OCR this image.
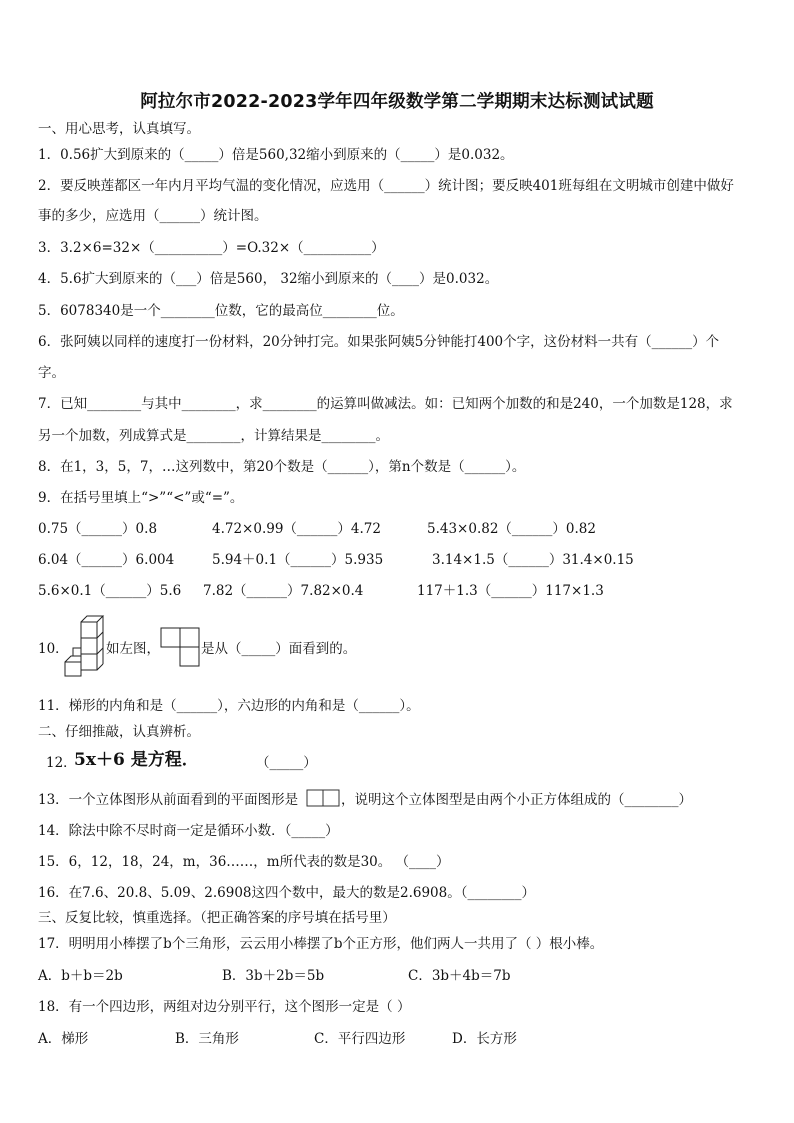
阿拉尔市2022-2023学年四年级数学第二学期期末达标测试试题
一、用心思考，认真填写。
1．0.56扩大到原来的（_____）倍是560,32缩小到原来的（_____）是0.032。
2．要反映莲都区一年内月平均气温的变化情况，应选用（______）统计图；要反映401班每组在文明城市创建中做好
事的多少，应选用（______）统计图。
3．3.2×6=32×（__________）=O.32×（__________）
4．5.6扩大到原来的（___）倍是560， 32缩小到原来的（____）是0.032。
5．6078340是一个________位数，它的最高位________位。
6．张阿姨以同样的速度打一份材料，20分钟打完。如果张阿姨5分钟能打400个字，这份材料一共有（______）个
字。
7．已知________与其中________，求________的运算叫做减法。如：已知两个加数的和是240，一个加数是128，求
另一个加数，列成算式是________，计算结果是________。
8．在1，3，5，7，…这列数中，第20个数是（______），第n个数是（______）。
9．在括号里填上“>”“<”或“=”。
0.75（______）0.8	4.72×0.99（______）4.72	5.43×0.82（______）0.82
6.04（______）6.004	5.94＋0.1（______）5.935	3.14×1.5（______）31.4×0.15
5.6×0.1（______）5.6 7.82（______）7.82×0.4	117＋1.3（______）117×1.3
10．	如左图，	是从（_____）面看到的。
11．梯形的内角和是（______），六边形的内角和是（______）。
二、仔细推敲，认真辨析。
12．
5x＋6 是方程．	（_____）
13．一个立体图形从前面看到的平面图形是	，说明这个立体图型是由两个小正方体组成的（________）
14．除法中除不尽时商一定是循环小数．（_____）
15．6，12，18，24，m，36……，m所代表的数是30。 （____）
16．在7.6、20.8、5.09、2.6908这四个数中，最大的数是2.6908。（________）
三、反复比较，慎重选择。（把正确答案的序号填在括号里）
17．明明用小棒摆了b个三角形，云云用小棒摆了b个正方形，他们两人一共用了（ ）根小棒。
A．b＋b＝2b	B．3b＋2b＝5b	C．3b＋4b＝7b
18．有一个四边形，两组对边分别平行，这个图形一定是（ ）
A．梯形	B．三角形	C．平行四边形	D．长方形
